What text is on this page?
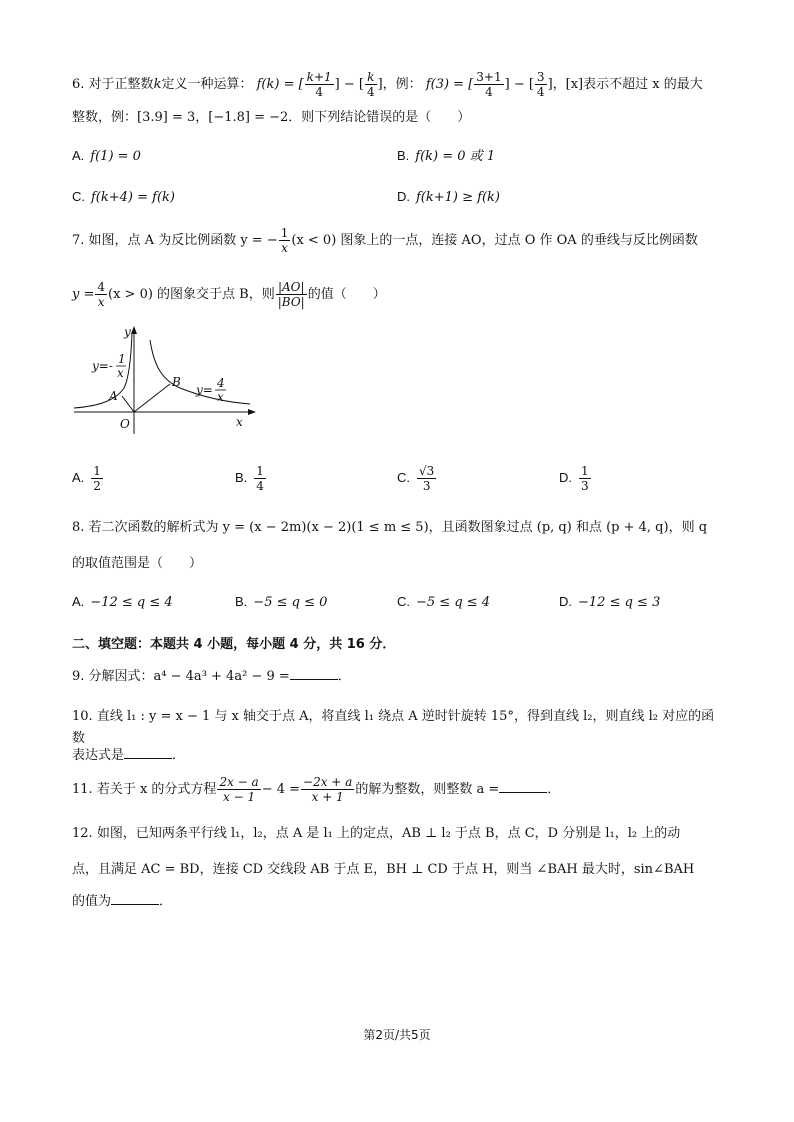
6. 对于正整数k定义一种运算： f(k) = [ $\frac{k+1}{4}$ ] − [ $\frac{k}{4}$ ]，例： f(3) = [ $\frac{3+1}{4}$ ] − [ $\frac{3}{4}$ ]，[x]表示不超过 x 的最大
整数，例：[3.9] = 3，[−1.8] = −2．则下列结论错误的是（　　）
A. f(1) = 0	B. f(k) = 0 或 1
C. f(k+4) = f(k)	D. f(k+1) ≥ f(k)
7. 如图，点 A 为反比例函数 y = − $\frac{1}{x} (x < 0)$ 图象上的一点，连接 AO，过点 O 作 OA 的垂线与反比例函数
$y = \frac{4}{x} (x > 0)$ 的图象交于点 B，则 $\frac{|AO|}{|BO|}$ 的值（　　）
y
x
O
A
B
y=- 1
x
y= 4
x
A. $\frac{1}{2}$	B. $\frac{1}{4}$	C. $\frac{√3}{3}$	D. $\frac{1}{3}$
8. 若二次函数的解析式为 y = (x − 2m)(x − 2)(1 ≤ m ≤ 5)，且函数图象过点 (p, q) 和点 (p + 4, q)，则 q
的取值范围是（　　）
A. −12 ≤ q ≤ 4	B. −5 ≤ q ≤ 0	C. −5 ≤ q ≤ 4	D. −12 ≤ q ≤ 3
二、填空题：本题共 4 小题，每小题 4 分，共 16 分．
9. 分解因式：a⁴ − 4a³ + 4a² − 9 =	．
10. 直线 l₁ : y = x − 1 与 x 轴交于点 A，将直线 l₁ 绕点 A 逆时针旋转 15°，得到直线 l₂，则直线 l₂ 对应的函数
表达式是	．
11. 若关于 x 的分式方程 $\frac{2x - a}{x - 1} - 4 = \frac{-2x + a}{x + 1}$ 的解为整数，则整数 a =	．
12. 如图，已知两条平行线 l₁，l₂，点 A 是 l₁ 上的定点，AB ⊥ l₂ 于点 B，点 C，D 分别是 l₁，l₂ 上的动
点，且满足 AC = BD，连接 CD 交线段 AB 于点 E，BH ⊥ CD 于点 H，则当 ∠BAH 最大时，sin∠BAH
的值为	．
第2页/共5页
